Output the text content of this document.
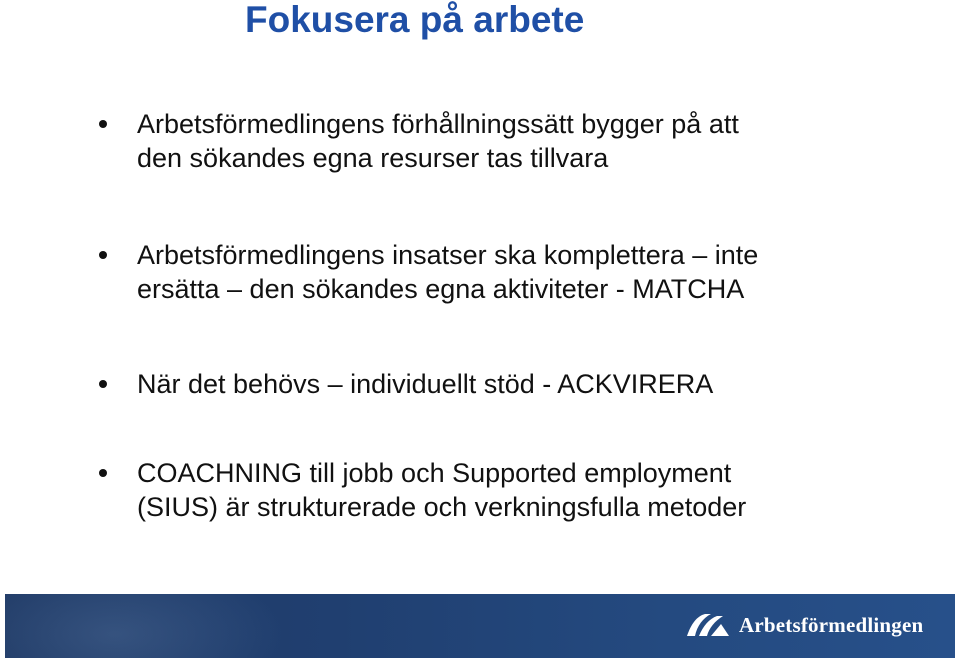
Fokusera på arbete
Arbetsförmedlingens förhållningssätt bygger på att
den sökandes egna resurser tas tillvara
Arbetsförmedlingens insatser ska komplettera – inte
ersätta – den sökandes egna aktiviteter - MATCHA
När det behövs – individuellt stöd - ACKVIRERA
COACHNING till jobb och Supported employment
(SIUS) är strukturerade och verkningsfulla metoder
Arbetsförmedlingen
